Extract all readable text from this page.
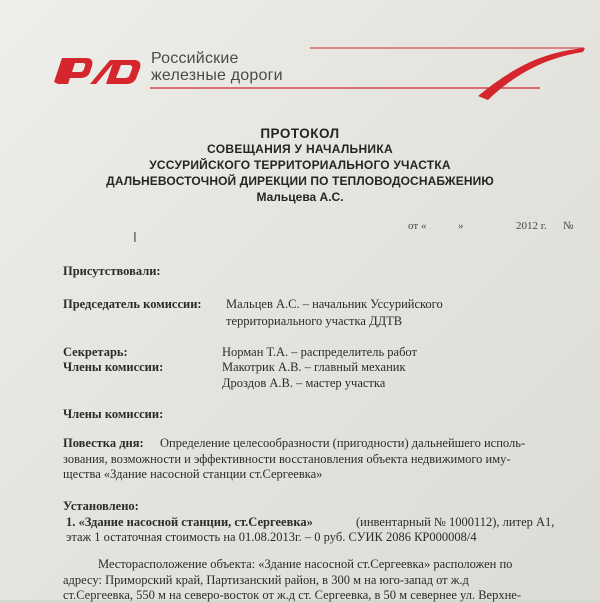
Российские
железные дороги
ПРОТОКОЛ
СОВЕЩАНИЯ У НАЧАЛЬНИКА
УССУРИЙСКОГО ТЕРРИТОРИАЛЬНОГО УЧАСТКА
ДАЛЬНЕВОСТОЧНОЙ ДИРЕКЦИИ ПО ТЕПЛОВОДОСНАБЖЕНИЮ
Мальцева А.С.
от «	»	2012 г. №
I
Присутствовали:
Председатель комиссии: Мальцев А.С. – начальник Уссурийского
территориального участка ДДТВ
Секретарь:	Норман Т.А. – распределитель работ
Члены комиссии:	Макотрик А.В. – главный механик
Дроздов А.В. – мастер участка
Члены комиссии:
Повестка дня: Определение целесообразности (пригодности) дальнейшего исполь-
зования, возможности и эффективности восстановления объекта недвижимого иму-
щества «Здание насосной станции ст.Сергеевка»
Установлено:
1. «Здание насосной станции, ст.Сергеевка»	(инвентарный № 1000112), литер А1,
этаж 1 остаточная стоимость на 01.08.2013г. – 0 руб. СУИК 2086 КР000008/4
Месторасположение объекта: «Здание насосной ст.Сергеевка» расположен по
адресу: Приморский край, Партизанский район, в 300 м на юго-запад от ж.д
ст.Сергеевка, 550 м на северо-восток от ж.д ст. Сергеевка, в 50 м севернее ул. Верхне-
